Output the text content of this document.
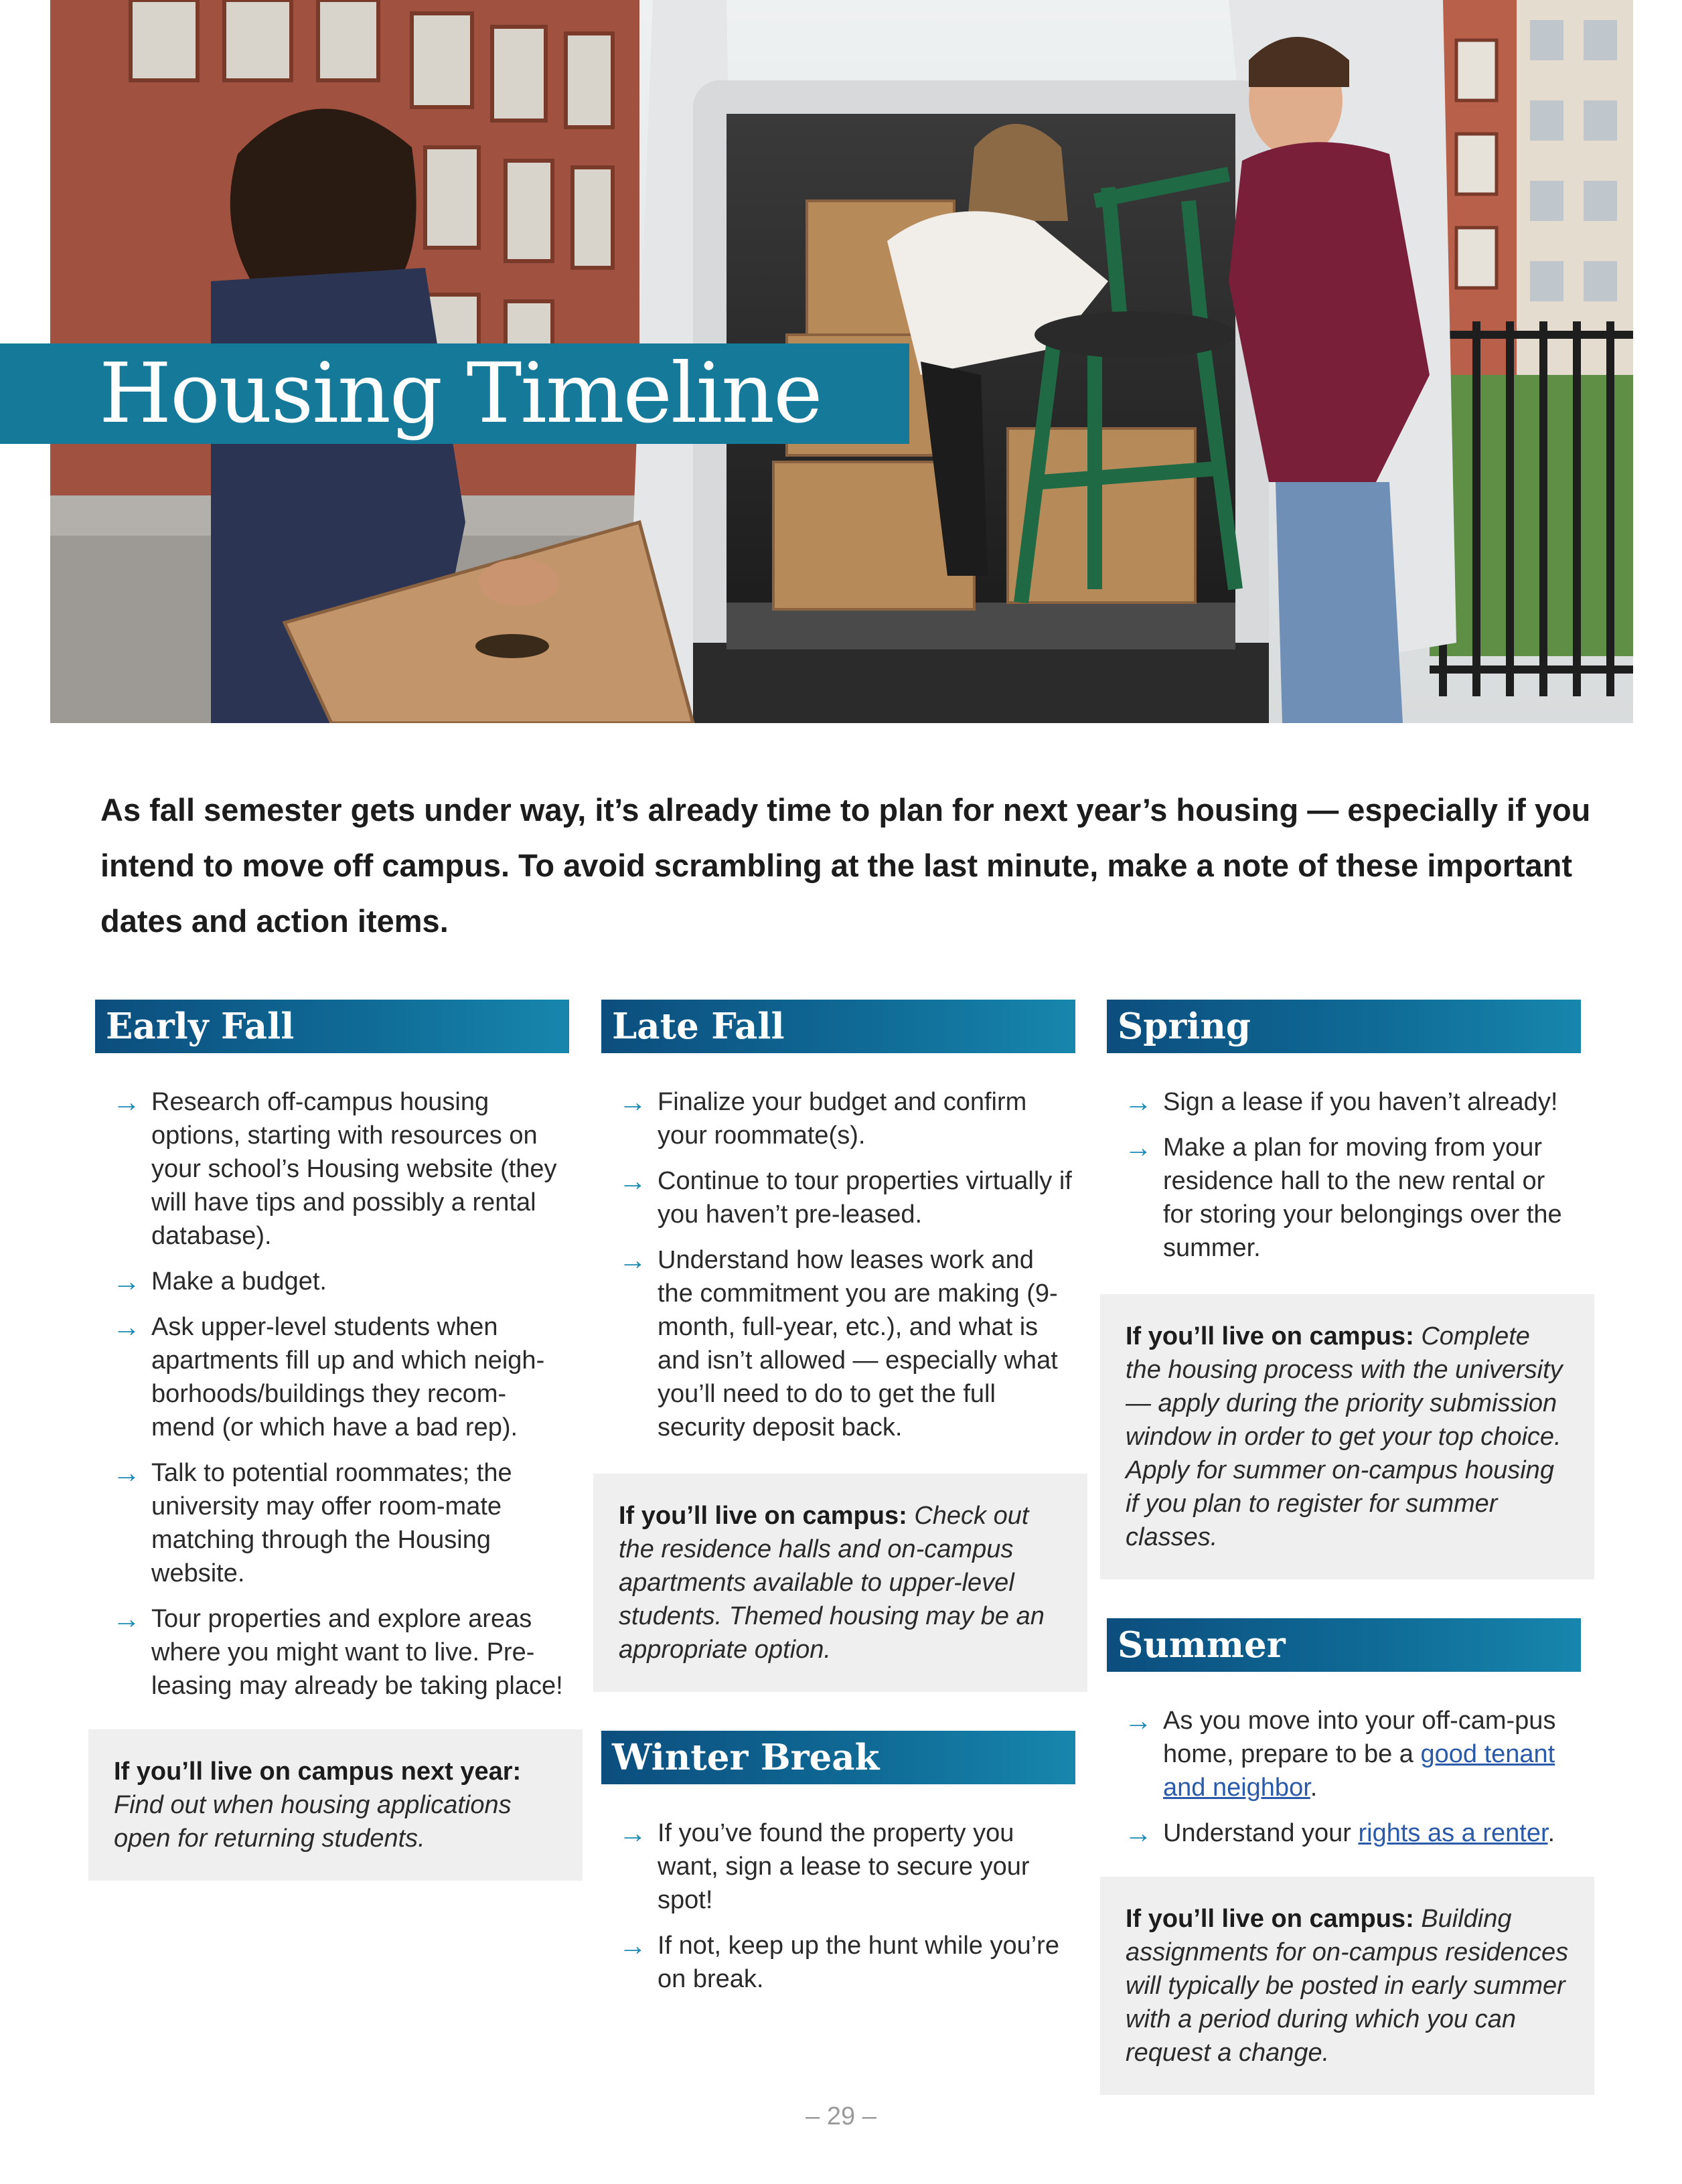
Housing Timeline

As fall semester gets under way, it’s already time to plan for next year’s housing — especially if you intend to move off campus. To avoid scrambling at the last minute, make a note of these important dates and action items.

Early Fall
→ Research off-campus housing options, starting with resources on your school’s Housing website (they will have tips and possibly a rental database).
→ Make a budget.
→ Ask upper-level students when apartments fill up and which neigh-borhoods/buildings they recom-mend (or which have a bad rep).
→ Talk to potential roommates; the university may offer room-mate matching through the Housing website.
→ Tour properties and explore areas where you might want to live. Pre-leasing may already be taking place!
If you’ll live on campus next year:
Find out when housing applications open for returning students.
Late Fall
→ Finalize your budget and confirm your roommate(s).
→ Continue to tour properties virtually if you haven’t pre-leased.
→ Understand how leases work and the commitment you are making (9-month, full-year, etc.), and what is and isn’t allowed — especially what you’ll need to do to get the full security deposit back.
If you’ll live on campus: Check out the residence halls and on-campus apartments available to upper-level students. Themed housing may be an appropriate option.
Winter Break
→ If you’ve found the property you want, sign a lease to secure your spot!
→ If not, keep up the hunt while you’re on break.
Spring
→ Sign a lease if you haven’t already!
→ Make a plan for moving from your residence hall to the new rental or for storing your belongings over the summer.
If you’ll live on campus: Complete the housing process with the university — apply during the priority submission window in order to get your top choice. Apply for summer on-campus housing if you plan to register for summer classes.
Summer
→ As you move into your off-cam-pus home, prepare to be a good tenant and neighbor.
→ Understand your rights as a renter.
If you’ll live on campus: Building assignments for on-campus residences will typically be posted in early summer with a period during which you can request a change.
– 29 –
